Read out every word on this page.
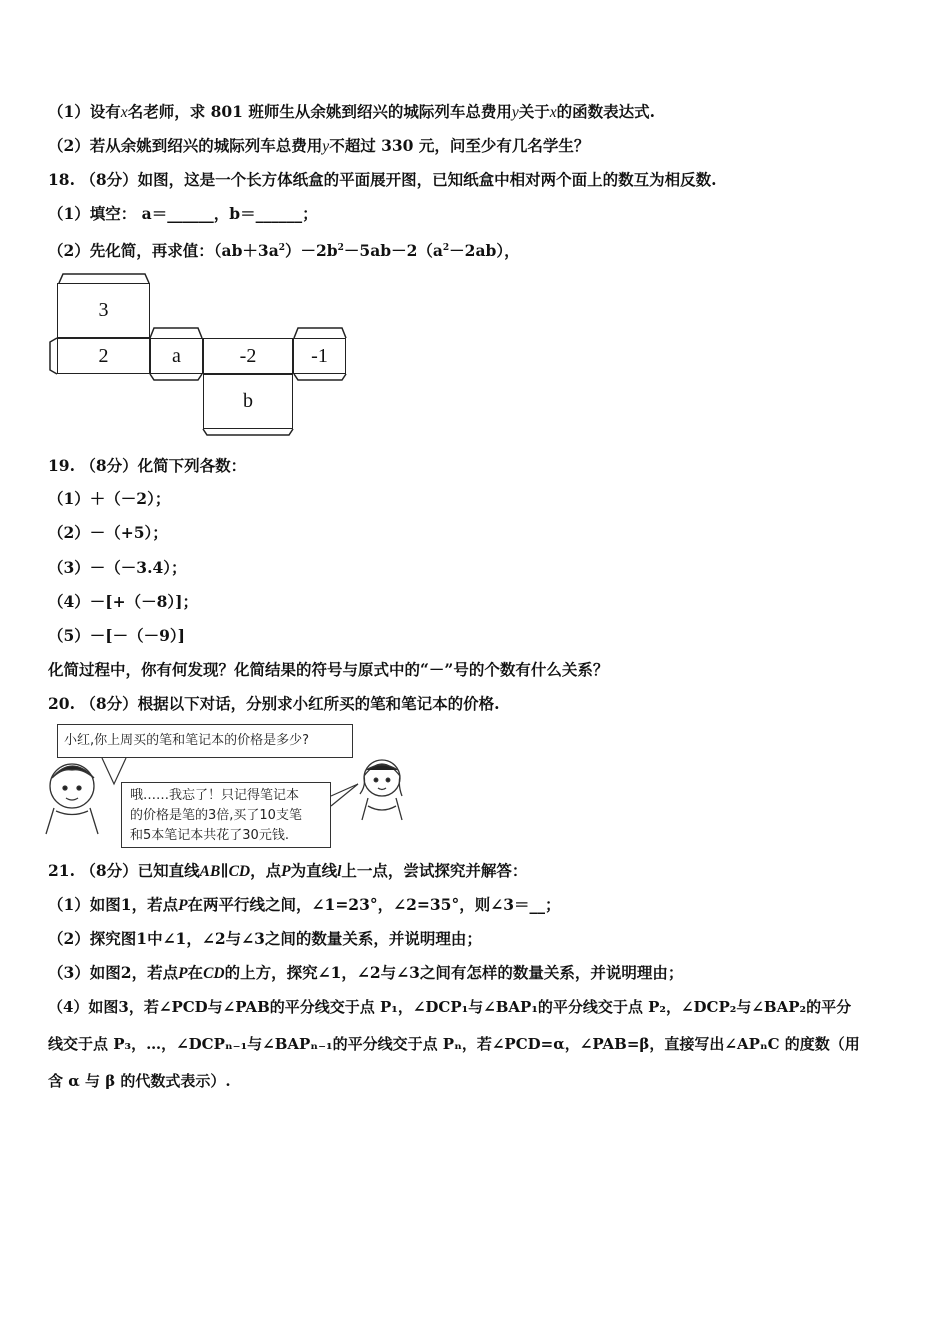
（1）设有x名老师，求 801 班师生从余姚到绍兴的城际列车总费用y关于x的函数表达式.
（2）若从余姚到绍兴的城际列车总费用y不超过 330 元，问至少有几名学生？
18. （8分）如图，这是一个长方体纸盒的平面展开图，已知纸盒中相对两个面上的数互为相反数.
（1）填空： a＝______，b＝______；
（2）先化简，再求值：$(ab+3a^2)-2b^2-5ab-2(a^2-2ab)$，
3
2	a	-2	-1
b
19. （8分）化简下列各数：
（1）＋（－2）；
（2）－（+5）；
（3）－（－3.4）；
（4）－[+（－8）]；
（5）－[－（－9）]
化简过程中，你有何发现？化简结果的符号与原式中的“－”号的个数有什么关系？
20. （8分）根据以下对话，分别求小红所买的笔和笔记本的价格.
小红,你上周买的笔和笔记本的价格是多少?
哦……我忘了！只记得笔记本
的价格是笔的3倍,买了10支笔
和5本笔记本共花了30元钱.
21. （8分）已知直线AB∥CD，点P为直线l上一点，尝试探究并解答：
（1）如图1，若点P在两平行线之间，∠1=23°，∠2=35°，则∠3＝__；
（2）探究图1中∠1，∠2与∠3之间的数量关系，并说明理由；
（3）如图2，若点P在CD的上方，探究∠1，∠2与∠3之间有怎样的数量关系，并说明理由；
（4）如图3，若∠PCD与∠PAB的平分线交于点 P₁，∠DCP₁与∠BAP₁的平分线交于点 P₂，∠DCP₂与∠BAP₂的平分
线交于点 P₃，…，∠DCPₙ₋₁与∠BAPₙ₋₁的平分线交于点 Pₙ，若∠PCD=α，∠PAB=β，直接写出∠APₙC 的度数（用
含 α 与 β 的代数式表示）.
